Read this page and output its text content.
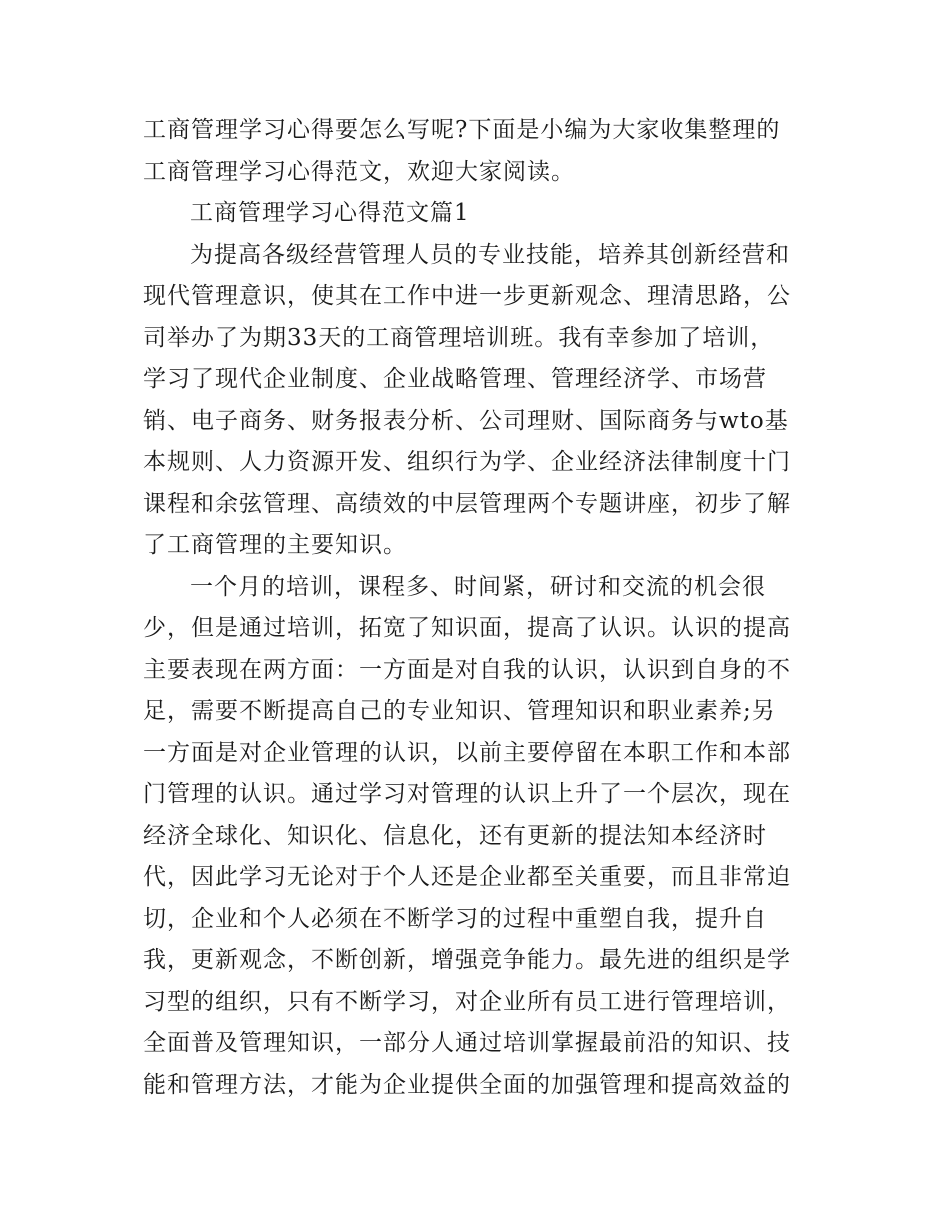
工商管理学习心得要怎么写呢?下面是小编为大家收集整理的
工商管理学习心得范文，欢迎大家阅读。
工商管理学习心得范文篇1
为提高各级经营管理人员的专业技能，培养其创新经营和
现代管理意识，使其在工作中进一步更新观念、理清思路，公
司举办了为期33天的工商管理培训班。我有幸参加了培训，
学习了现代企业制度、企业战略管理、管理经济学、市场营
销、电子商务、财务报表分析、公司理财、国际商务与wto基
本规则、人力资源开发、组织行为学、企业经济法律制度十门
课程和余弦管理、高绩效的中层管理两个专题讲座，初步了解
了工商管理的主要知识。
一个月的培训，课程多、时间紧，研讨和交流的机会很
少，但是通过培训，拓宽了知识面，提高了认识。认识的提高
主要表现在两方面：一方面是对自我的认识，认识到自身的不
足，需要不断提高自己的专业知识、管理知识和职业素养;另
一方面是对企业管理的认识，以前主要停留在本职工作和本部
门管理的认识。通过学习对管理的认识上升了一个层次，现在
经济全球化、知识化、信息化，还有更新的提法知本经济时
代，因此学习无论对于个人还是企业都至关重要，而且非常迫
切，企业和个人必须在不断学习的过程中重塑自我，提升自
我，更新观念，不断创新，增强竞争能力。最先进的组织是学
习型的组织，只有不断学习，对企业所有员工进行管理培训，
全面普及管理知识，一部分人通过培训掌握最前沿的知识、技
能和管理方法，才能为企业提供全面的加强管理和提高效益的
